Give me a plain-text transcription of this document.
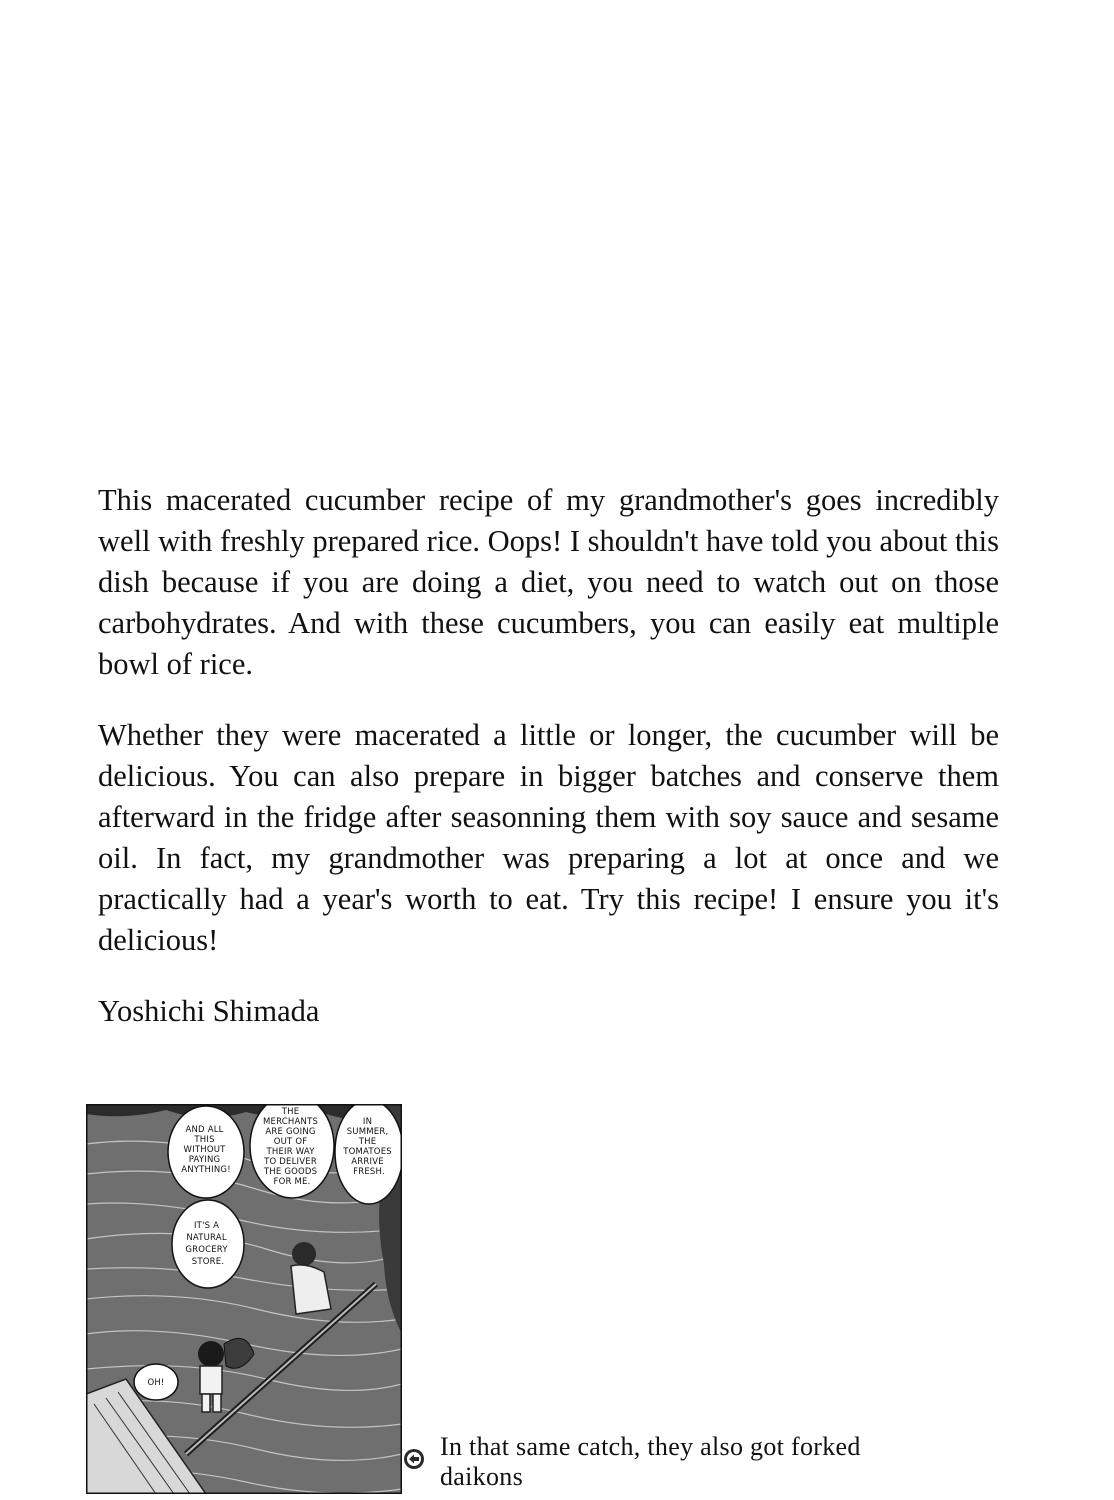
This macerated cucumber recipe of my grandmother's goes incredibly well with freshly prepared rice. Oops! I shouldn't have told you about this dish because if you are doing a diet, you need to watch out on those carbohydrates. And with these cucumbers, you can easily eat multiple bowl of rice.

Whether they were macerated a little or longer, the cucumber will be delicious. You can also prepare in bigger batches and conserve them afterward in the fridge after seasonning them with soy sauce and sesame oil. In fact, my grandmother was preparing a lot at once and we practically had a year's worth to eat. Try this recipe! I ensure you it's delicious!

Yoshichi Shimada

AND ALL THIS WITHOUT PAYING ANYTHING!
THE MERCHANTS ARE GOING OUT OF THEIR WAY TO DELIVER THE GOODS FOR ME.
IN SUMMER, THE TOMATOES ARRIVE FRESH.
IT'S A NATURAL GROCERY STORE.
OH!
In that same catch, they also got forked daikons
